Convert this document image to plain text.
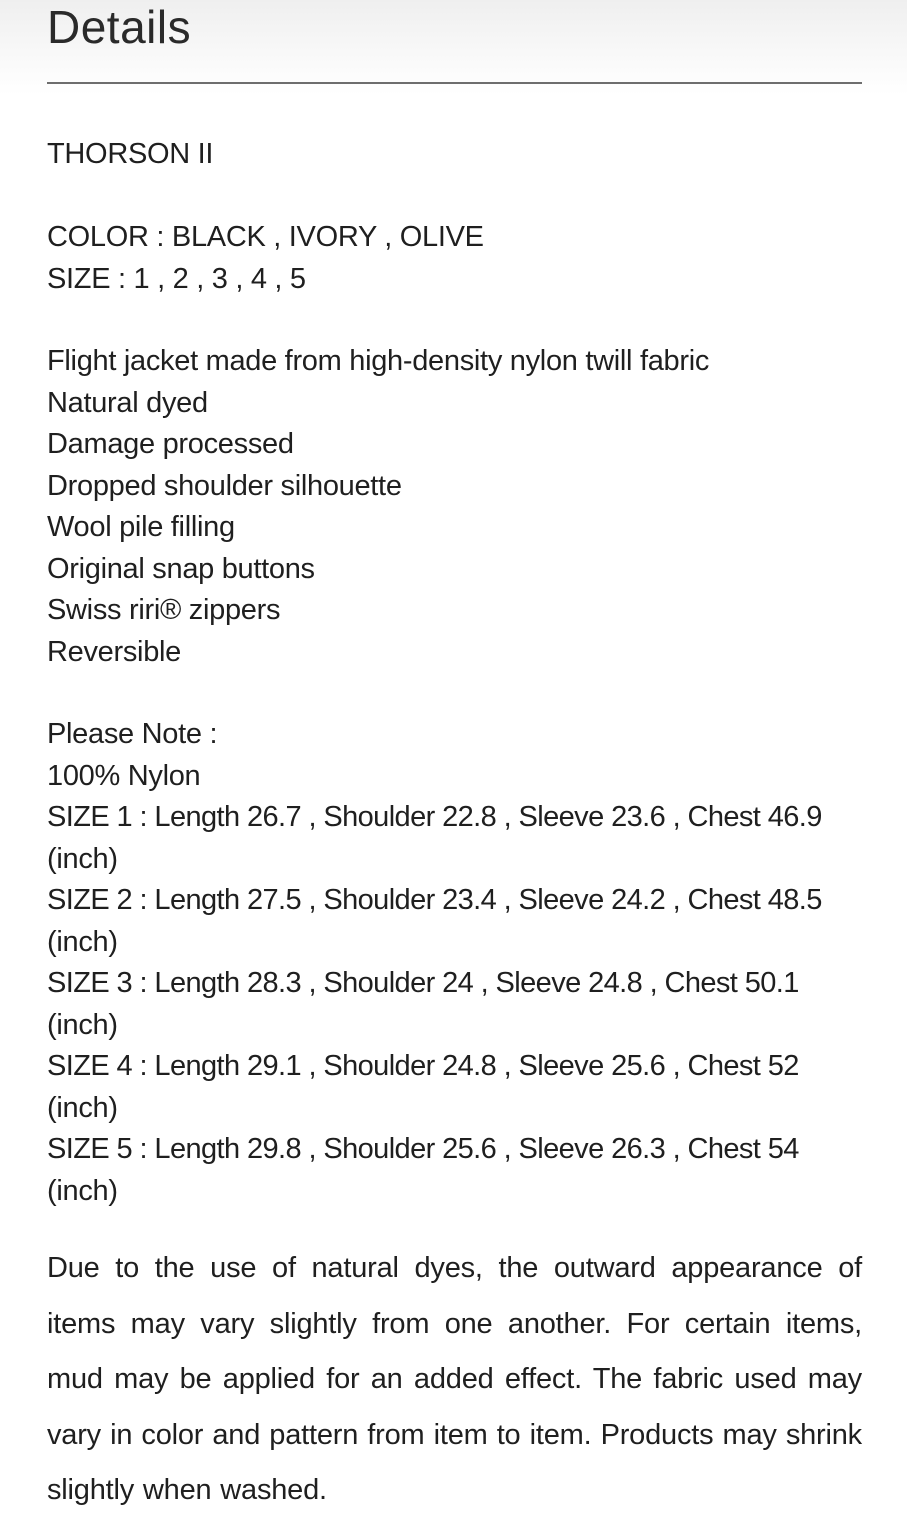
Details

THORSON II

COLOR : BLACK , IVORY , OLIVE

SIZE : 1 , 2 , 3 , 4 , 5

Flight jacket made from high-density nylon twill fabric

Natural dyed

Damage processed

Dropped shoulder silhouette

Wool pile filling

Original snap buttons

Swiss riri® zippers

Reversible

Please Note :

100% Nylon

SIZE 1 : Length 26.7 , Shoulder 22.8 , Sleeve 23.6 , Chest 46.9

(inch)

SIZE 2 : Length 27.5 , Shoulder 23.4 , Sleeve 24.2 , Chest 48.5

(inch)

SIZE 3 : Length 28.3 , Shoulder 24 , Sleeve 24.8 , Chest 50.1

(inch)

SIZE 4 : Length 29.1 , Shoulder 24.8 , Sleeve 25.6 , Chest 52

(inch)

SIZE 5 : Length 29.8 , Shoulder 25.6 , Sleeve 26.3 , Chest 54

(inch)

Due to the use of natural dyes, the outward appearance of items may vary slightly from one another. For certain items, mud may be applied for an added effect. The fabric used may vary in color and pattern from item to item. Products may shrink slightly when washed.
